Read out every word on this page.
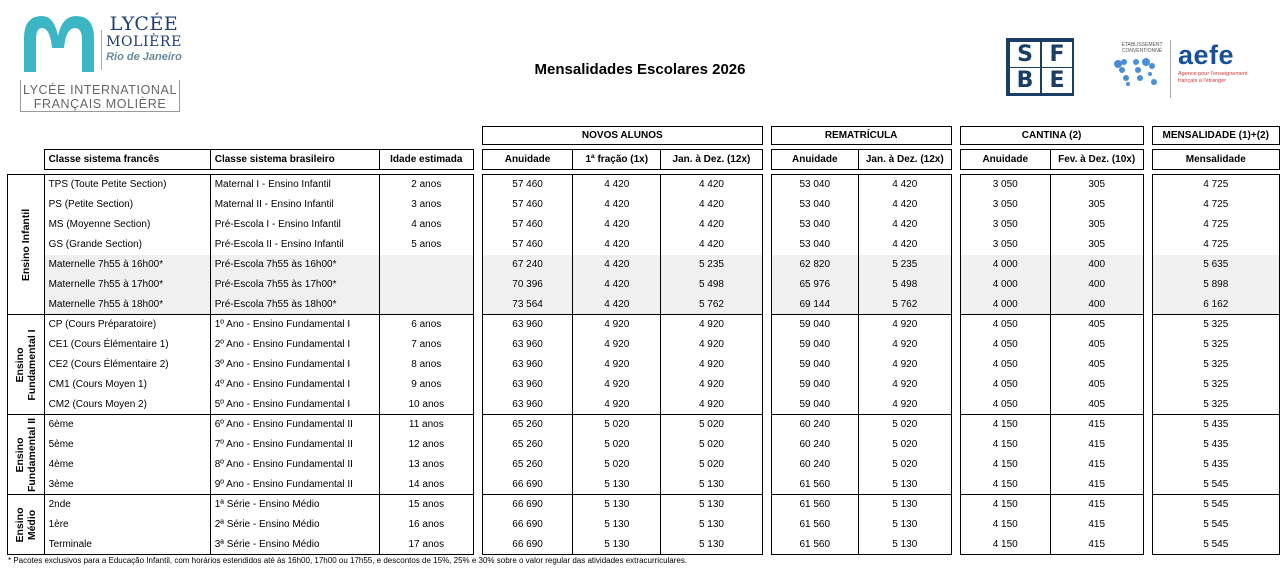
LYCÉE
MOLIÈRE
Rio de Janeiro
LYCÉE INTERNATIONAL
FRANÇAIS MOLIÈRE
Mensalidades Escolares 2026
S F
B E
ÉTABLISSEMENT CONVENTIONNÉ aefe
Agence pour l'enseignement français à l'étranger
					NOVOS ALUNOS				REMATRÍCULA			CANTINA (2)			MENSALIDADE (1)+(2)

	Classe sistema francês	Classe sistema brasileiro	Idade estimada		Anuidade	1ª fração (1x)	Jan. à Dez. (12x)		Anuidade	Jan. à Dez. (12x)		Anuidade	Fev. à Dez. (10x)		Mensalidade

Ensino Infantil	TPS (Toute Petite Section)	Maternal I - Ensino Infantil	2 anos		57 460	4 420	4 420		53 040	4 420		3 050	305		4 725
	PS (Petite Section)	Maternal II - Ensino Infantil	3 anos		57 460	4 420	4 420		53 040	4 420		3 050	305		4 725
	MS (Moyenne Section)	Pré-Escola I - Ensino Infantil	4 anos		57 460	4 420	4 420		53 040	4 420		3 050	305		4 725
	GS (Grande Section)	Pré-Escola II - Ensino Infantil	5 anos		57 460	4 420	4 420		53 040	4 420		3 050	305		4 725
	Maternelle 7h55 à 16h00*	Pré-Escola 7h55 às 16h00*			67 240	4 420	5 235		62 820	5 235		4 000	400		5 635
	Maternelle 7h55 à 17h00*	Pré-Escola 7h55 às 17h00*			70 396	4 420	5 498		65 976	5 498		4 000	400		5 898
	Maternelle 7h55 à 18h00*	Pré-Escola 7h55 às 18h00*			73 564	4 420	5 762		69 144	5 762		4 000	400		6 162

Ensino
Fundamental I	CP (Cours Préparatoire)	1º Ano - Ensino Fundamental I	6 anos		63 960	4 920	4 920		59 040	4 920		4 050	405		5 325
	CE1 (Cours Élémentaire 1)	2º Ano - Ensino Fundamental I	7 anos		63 960	4 920	4 920		59 040	4 920		4 050	405		5 325
	CE2 (Cours Élémentaire 2)	3º Ano - Ensino Fundamental I	8 anos		63 960	4 920	4 920		59 040	4 920		4 050	405		5 325
	CM1 (Cours Moyen 1)	4º Ano - Ensino Fundamental I	9 anos		63 960	4 920	4 920		59 040	4 920		4 050	405		5 325
	CM2 (Cours Moyen 2)	5º Ano - Ensino Fundamental I	10 anos		63 960	4 920	4 920		59 040	4 920		4 050	405		5 325

Ensino
Fundamental II	6ème	6º Ano - Ensino Fundamental II	11 anos		65 260	5 020	5 020		60 240	5 020		4 150	415		5 435
	5ème	7º Ano - Ensino Fundamental II	12 anos		65 260	5 020	5 020		60 240	5 020		4 150	415		5 435
	4ème	8º Ano - Ensino Fundamental II	13 anos		65 260	5 020	5 020		60 240	5 020		4 150	415		5 435
	3ème	9º Ano - Ensino Fundamental II	14 anos		66 690	5 130	5 130		61 560	5 130		4 150	415		5 545

Ensino
Médio	2nde	1ª Série - Ensino Médio	15 anos		66 690	5 130	5 130		61 560	5 130		4 150	415		5 545
	1ère	2ª Série - Ensino Médio	16 anos		66 690	5 130	5 130		61 560	5 130		4 150	415		5 545
	Terminale	3ª Série - Ensino Médio	17 anos		66 690	5 130	5 130		61 560	5 130		4 150	415		5 545
* Pacotes exclusivos para a Educação Infantil, com horários estendidos até às 16h00, 17h00 ou 17h55, e descontos de 15%, 25% e 30% sobre o valor regular das atividades extracurriculares.
